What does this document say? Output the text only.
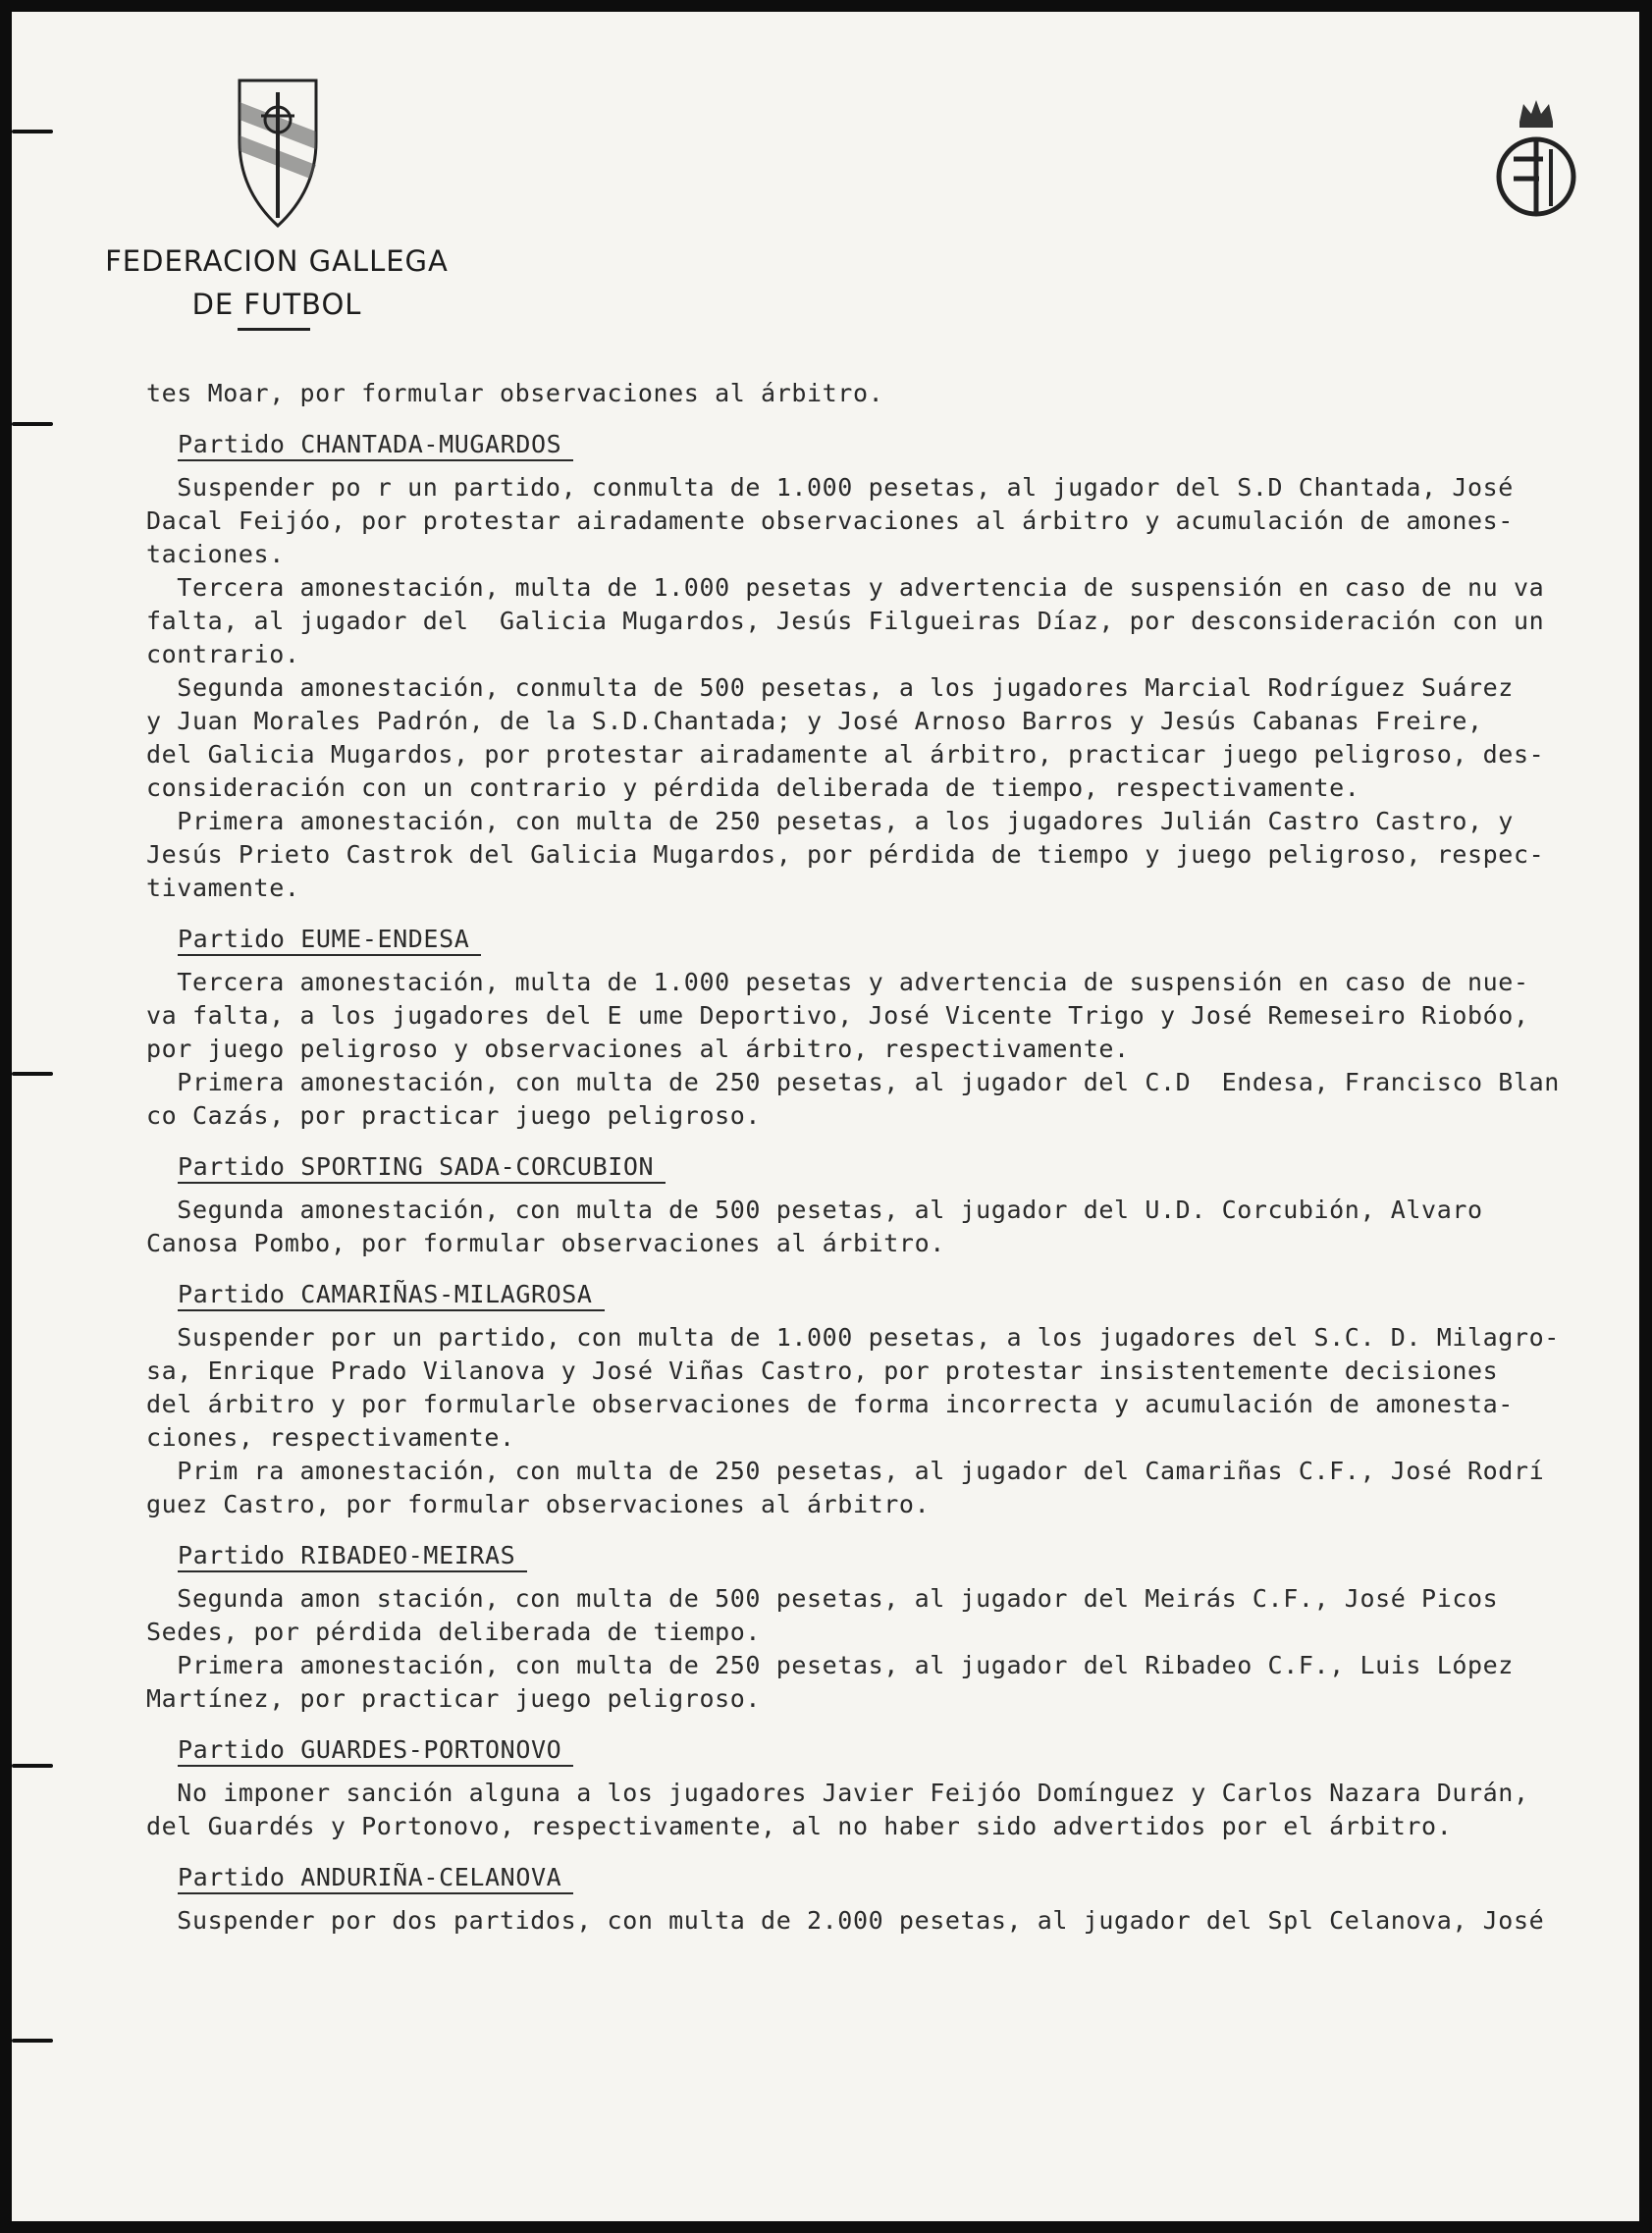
FEDERACION GALLEGA
DE FUTBOL
tes Moar, por formular observaciones al árbitro.
Partido CHANTADA-MUGARDOS
Suspender po r un partido, conmulta de 1.000 pesetas, al jugador del S.D Chantada, José
Dacal Feijóo, por protestar airadamente observaciones al árbitro y acumulación de amones-
taciones.
Tercera amonestación, multa de 1.000 pesetas y advertencia de suspensión en caso de nu va
falta, al jugador del  Galicia Mugardos, Jesús Filgueiras Díaz, por desconsideración con un
contrario.
Segunda amonestación, conmulta de 500 pesetas, a los jugadores Marcial Rodríguez Suárez
y Juan Morales Padrón, de la S.D.Chantada; y José Arnoso Barros y Jesús Cabanas Freire,
del Galicia Mugardos, por protestar airadamente al árbitro, practicar juego peligroso, des-
consideración con un contrario y pérdida deliberada de tiempo, respectivamente.
Primera amonestación, con multa de 250 pesetas, a los jugadores Julián Castro Castro, y
Jesús Prieto Castrok del Galicia Mugardos, por pérdida de tiempo y juego peligroso, respec-
tivamente.
Partido EUME-ENDESA
Tercera amonestación, multa de 1.000 pesetas y advertencia de suspensión en caso de nue-
va falta, a los jugadores del E ume Deportivo, José Vicente Trigo y José Remeseiro Riobóo,
por juego peligroso y observaciones al árbitro, respectivamente.
Primera amonestación, con multa de 250 pesetas, al jugador del C.D  Endesa, Francisco Blan
co Cazás, por practicar juego peligroso.
Partido SPORTING SADA-CORCUBION
Segunda amonestación, con multa de 500 pesetas, al jugador del U.D. Corcubión, Alvaro
Canosa Pombo, por formular observaciones al árbitro.
Partido CAMARIÑAS-MILAGROSA
Suspender por un partido, con multa de 1.000 pesetas, a los jugadores del S.C. D. Milagro-
sa, Enrique Prado Vilanova y José Viñas Castro, por protestar insistentemente decisiones
del árbitro y por formularle observaciones de forma incorrecta y acumulación de amonesta-
ciones, respectivamente.
Prim ra amonestación, con multa de 250 pesetas, al jugador del Camariñas C.F., José Rodrí
guez Castro, por formular observaciones al árbitro.
Partido RIBADEO-MEIRAS
Segunda amon stación, con multa de 500 pesetas, al jugador del Meirás C.F., José Picos
Sedes, por pérdida deliberada de tiempo.
Primera amonestación, con multa de 250 pesetas, al jugador del Ribadeo C.F., Luis López
Martínez, por practicar juego peligroso.
Partido GUARDES-PORTONOVO
No imponer sanción alguna a los jugadores Javier Feijóo Domínguez y Carlos Nazara Durán,
del Guardés y Portonovo, respectivamente, al no haber sido advertidos por el árbitro.
Partido ANDURIÑA-CELANOVA
Suspender por dos partidos, con multa de 2.000 pesetas, al jugador del Spl Celanova, José
